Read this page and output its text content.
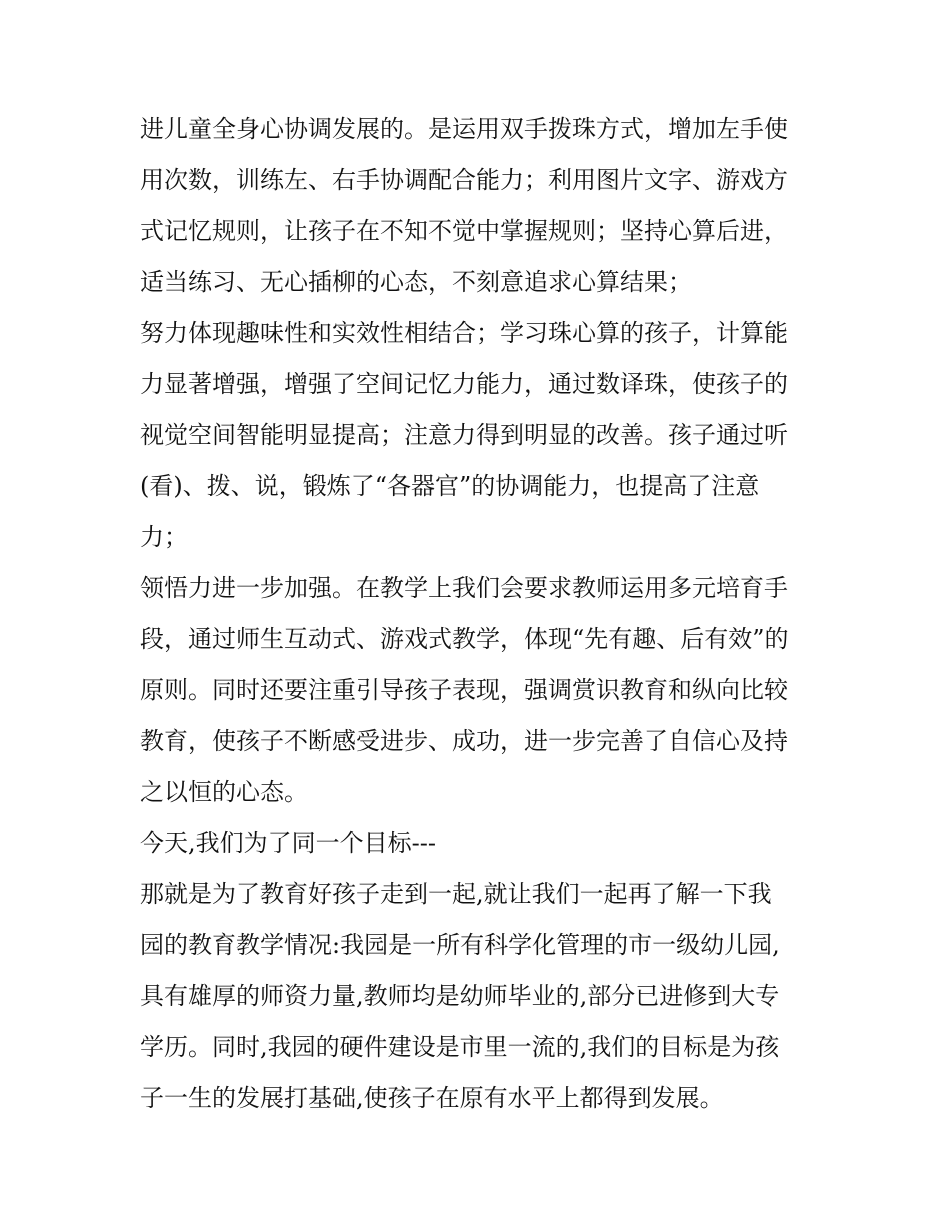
进儿童全身心协调发展的。是运用双手拨珠方式，增加左手使
用次数，训练左、右手协调配合能力；利用图片文字、游戏方
式记忆规则，让孩子在不知不觉中掌握规则；坚持心算后进，
适当练习、无心插柳的心态，不刻意追求心算结果；
努力体现趣味性和实效性相结合；学习珠心算的孩子，计算能
力显著增强，增强了空间记忆力能力，通过数译珠，使孩子的
视觉空间智能明显提高；注意力得到明显的改善。孩子通过听
(看)、拨、说，锻炼了“各器官”的协调能力，也提高了注意
力；
领悟力进一步加强。在教学上我们会要求教师运用多元培育手
段，通过师生互动式、游戏式教学，体现“先有趣、后有效”的
原则。同时还要注重引导孩子表现，强调赏识教育和纵向比较
教育，使孩子不断感受进步、成功，进一步完善了自信心及持
之以恒的心态。
今天,我们为了同一个目标---
那就是为了教育好孩子走到一起,就让我们一起再了解一下我
园的教育教学情况:我园是一所有科学化管理的市一级幼儿园,
具有雄厚的师资力量,教师均是幼师毕业的,部分已进修到大专
学历。同时,我园的硬件建设是市里一流的,我们的目标是为孩
子一生的发展打基础,使孩子在原有水平上都得到发展。
